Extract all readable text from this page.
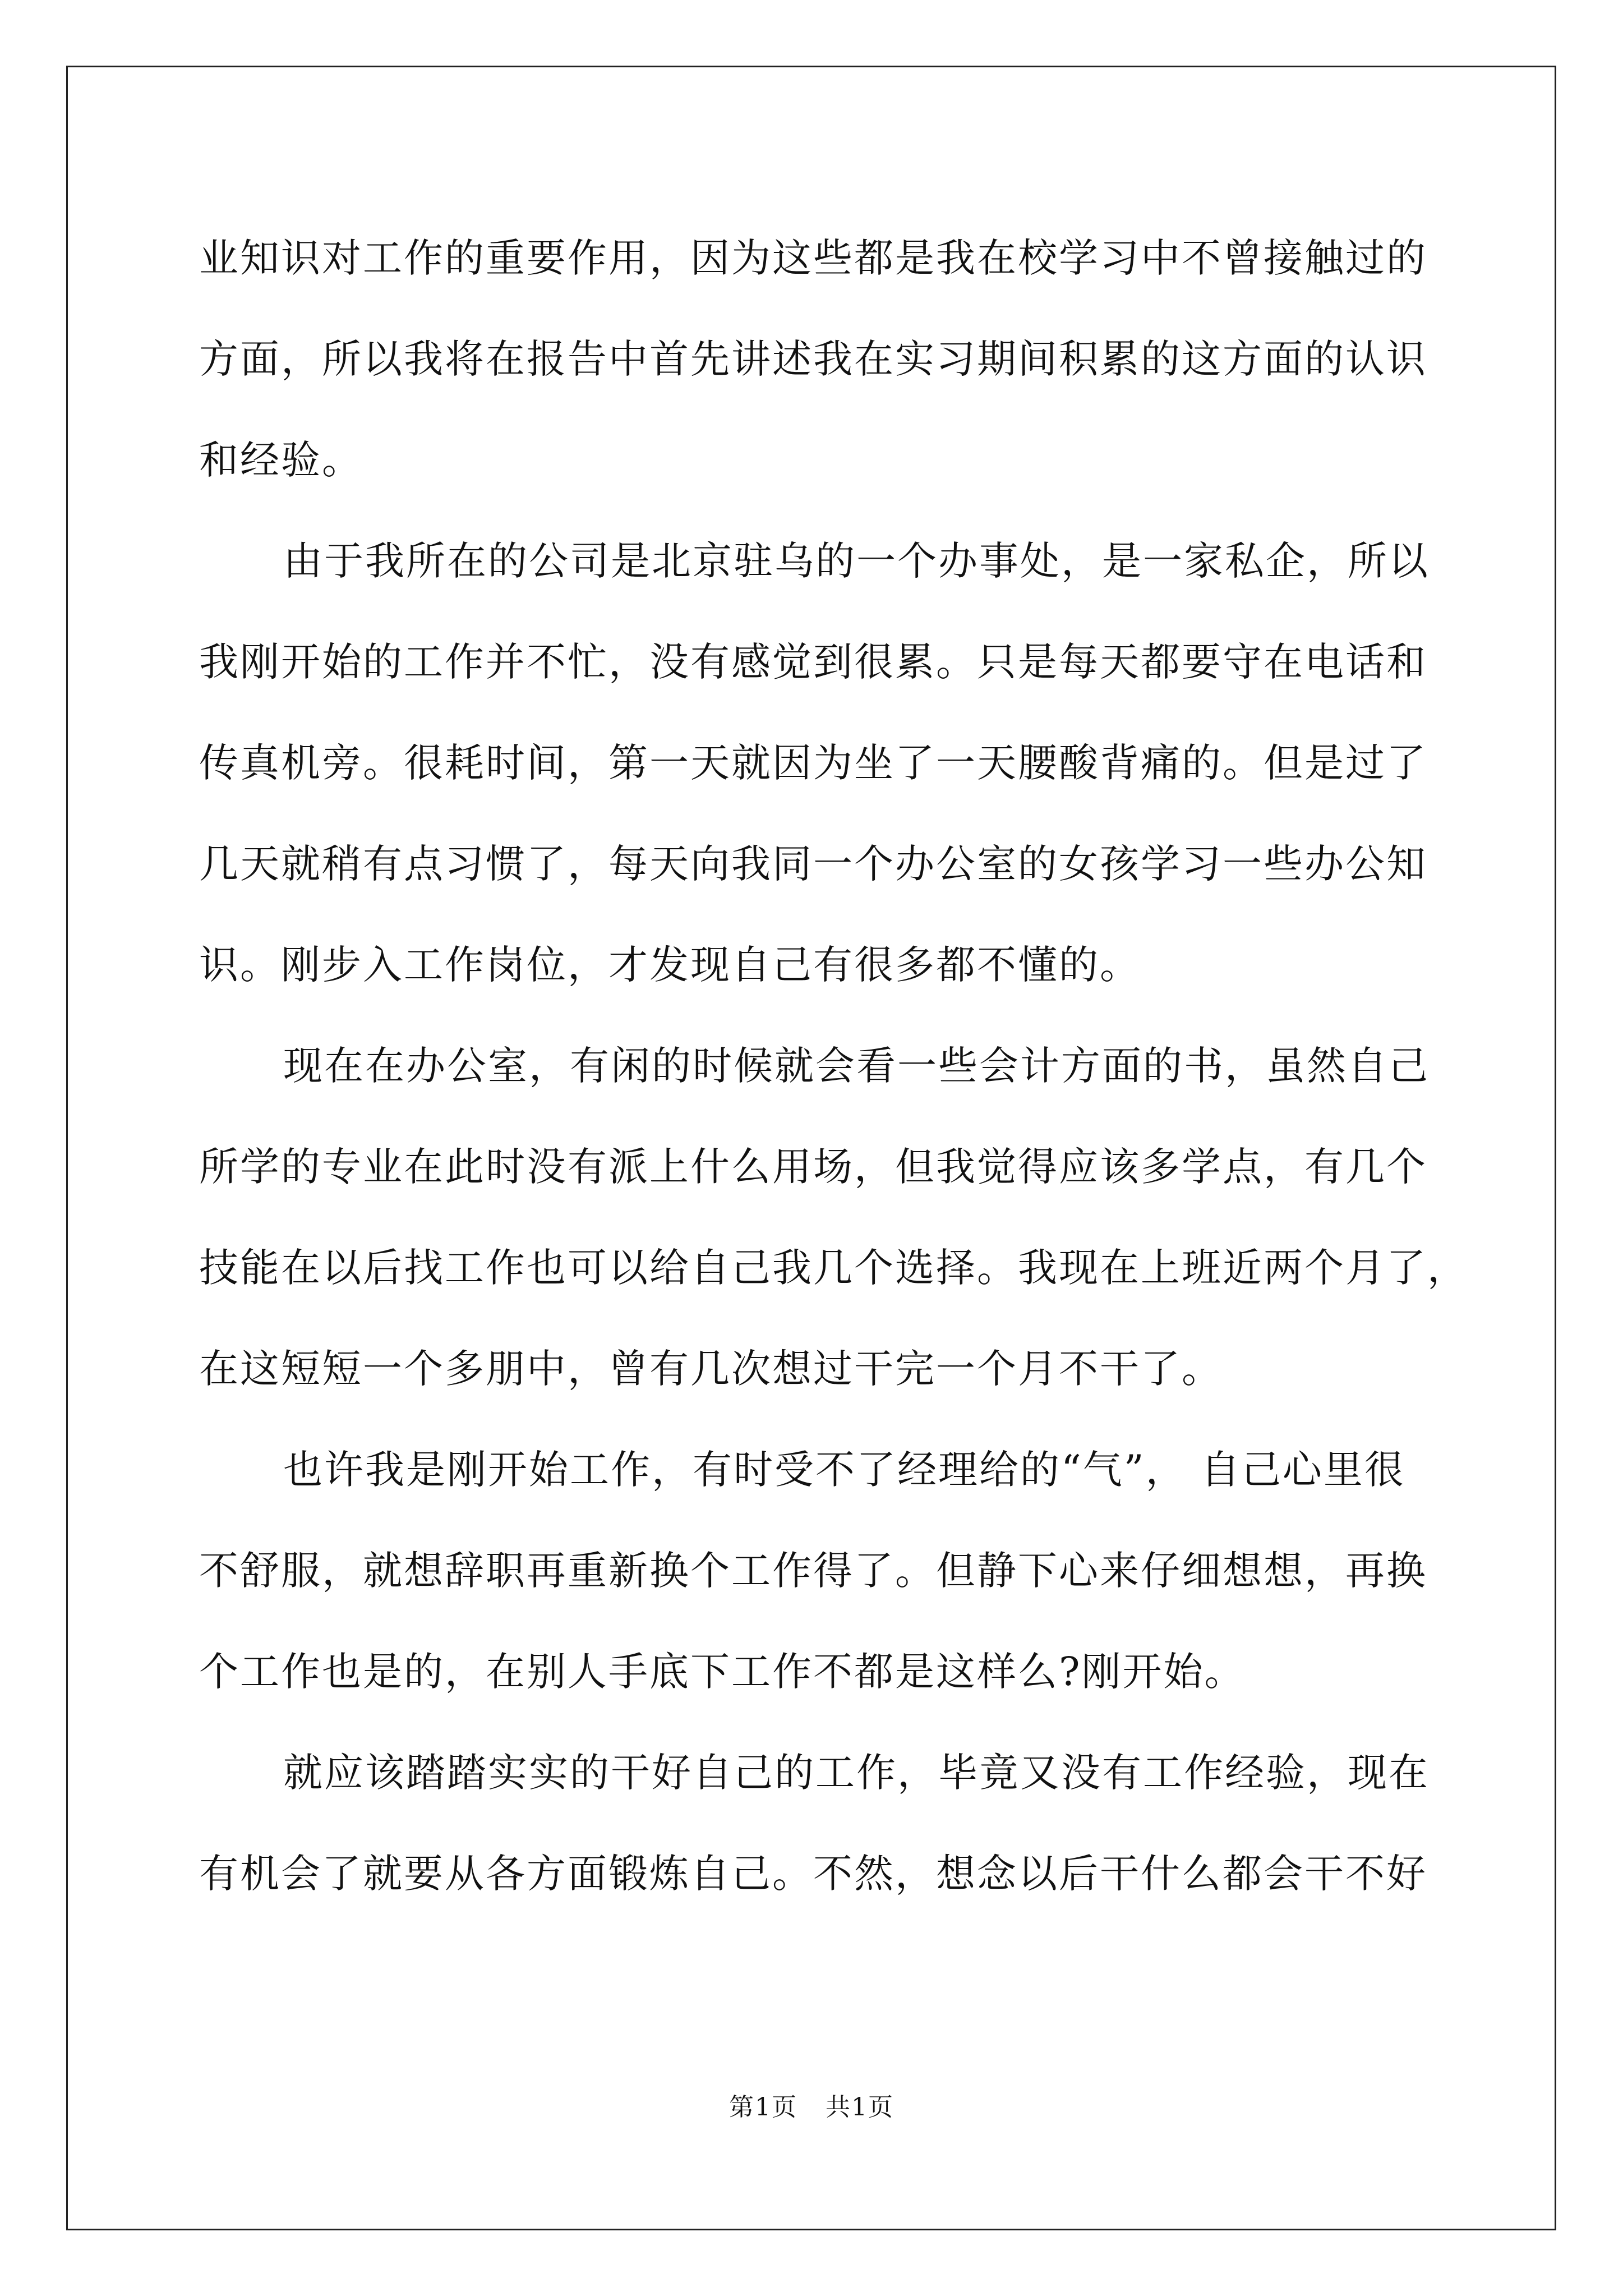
业知识对工作的重要作用，因为这些都是我在校学习中不曾接触过的
方面，所以我将在报告中首先讲述我在实习期间积累的这方面的认识
和经验。
由于我所在的公司是北京驻乌的一个办事处，是一家私企，所以
我刚开始的工作并不忙，没有感觉到很累。只是每天都要守在电话和
传真机旁。很耗时间，第一天就因为坐了一天腰酸背痛的。但是过了
几天就稍有点习惯了，每天向我同一个办公室的女孩学习一些办公知
识。刚步入工作岗位，才发现自己有很多都不懂的。
现在在办公室，有闲的时候就会看一些会计方面的书，虽然自己
所学的专业在此时没有派上什么用场，但我觉得应该多学点，有几个
技能在以后找工作也可以给自己我几个选择。我现在上班近两个月了，
在这短短一个多朋中，曾有几次想过干完一个月不干了。
也许我是刚开始工作，有时受不了经理给的“气”， 自己心里很
不舒服，就想辞职再重新换个工作得了。但静下心来仔细想想，再换
个工作也是的，在别人手底下工作不都是这样么?刚开始。
就应该踏踏实实的干好自己的工作，毕竟又没有工作经验，现在
有机会了就要从各方面锻炼自己。不然，想念以后干什么都会干不好
第1页 共1页
